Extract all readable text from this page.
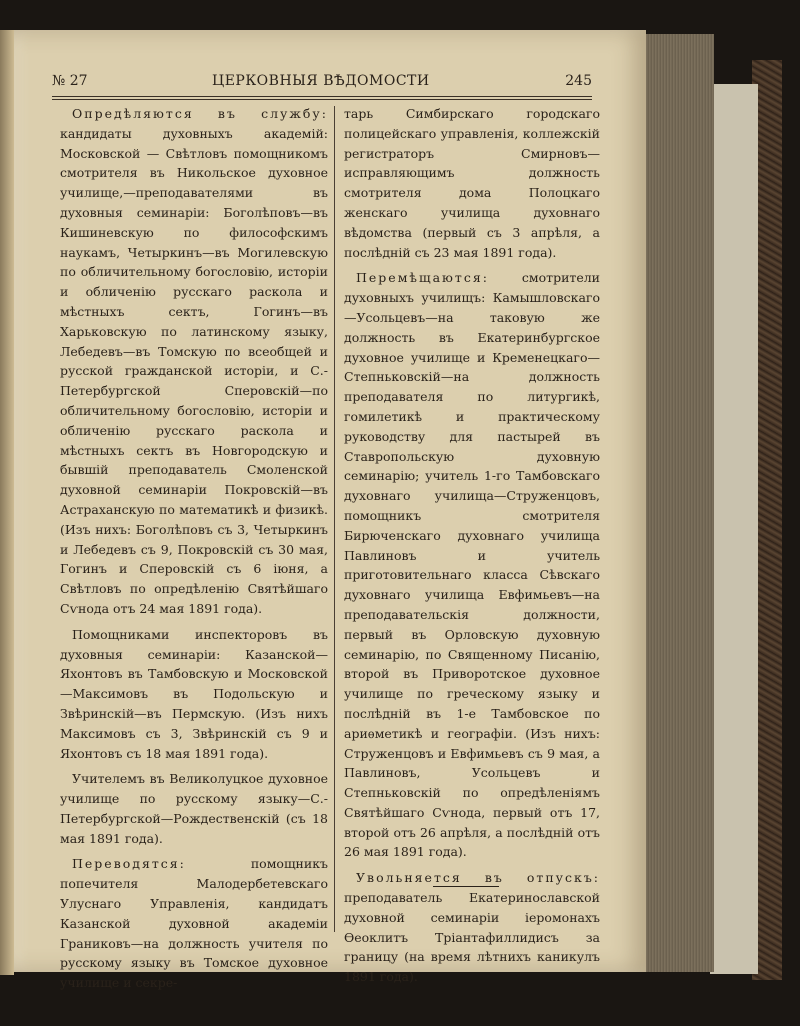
№ 27	ЦЕРКОВНЫЯ ВѢДОМОСТИ	245

Опредѣляются въ службу: кандидаты духовныхъ академій: Московской — Свѣтловъ помощникомъ смотрителя въ Никольское духовное училище,—преподавателями въ духовныя семинаріи: Боголѣповъ—въ Кишиневскую по философскимъ наукамъ, Четыркинъ—въ Могилевскую по обличительному богословію, исторіи и обличенію русскаго раскола и мѣстныхъ сектъ, Гогинъ—въ Харьковскую по латинскому языку, Лебедевъ—въ Томскую по всеобщей и русской гражданской исторіи, и С.-Петербургской Сперовскій—по обличительному богословію, исторіи и обличенію русскаго раскола и мѣстныхъ сектъ въ Новгородскую и бывшій преподаватель Смоленской духовной семинаріи Покровскій—въ Астраханскую по математикѣ и физикѣ. (Изъ нихъ: Боголѣповъ съ 3, Четыркинъ и Лебедевъ съ 9, Покровскій съ 30 мая, Гогинъ и Сперовскій съ 6 іюня, а Свѣтловъ по опредѣленію Святѣйшаго Сѵнода отъ 24 мая 1891 года).

Помощниками инспекторовъ въ духовныя семинаріи: Казанской—Яхонтовъ въ Тамбовскую и Московской—Максимовъ въ Подольскую и Звѣринскій—въ Пермскую. (Изъ нихъ Максимовъ съ 3, Звѣринскій съ 9 и Яхонтовъ съ 18 мая 1891 года).

Учителемъ въ Великолуцкое духовное училище по русскому языку—С.-Петербургской—Рождественскій (съ 18 мая 1891 года).

Переводятся: помощникъ попечителя Малодербетевскаго Улуснаго Управленія, кандидатъ Казанской духовной академіи Граниковъ—на должность учителя по русскому языку въ Томское духовное училище и секре-

тарь Симбирскаго городскаго полицейскаго управленія, коллежскій регистраторъ Смирновъ—исправляющимъ должность смотрителя дома Полоцкаго женскаго училища духовнаго вѣдомства (первый съ 3 апрѣля, а послѣдній съ 23 мая 1891 года).

Перемѣщаются: смотрители духовныхъ училищъ: Камышловскаго—Усольцевъ—на таковую же должность въ Екатеринбургское духовное училище и Кременецкаго—Степньковскій—на должность преподавателя по литургикѣ, гомилетикѣ и практическому руководству для пастырей въ Ставропольскую духовную семинарію; учитель 1-го Тамбовскаго духовнаго училища—Струженцовъ, помощникъ смотрителя Бирюченскаго духовнаго училища Павлиновъ и учитель приготовительнаго класса Сѣвскаго духовнаго училища Евфимьевъ—на преподавательскія должности, первый въ Орловскую духовную семинарію, по Священному Писанію, второй въ Приворотское духовное училище по греческому языку и послѣдній въ 1-е Тамбовское по ариѳметикѣ и географіи. (Изъ нихъ: Струженцовъ и Евфимьевъ съ 9 мая, а Павлиновъ, Усольцевъ и Степньковскій по опредѣленіямъ Святѣйшаго Сѵнода, первый отъ 17, второй отъ 26 апрѣля, а послѣдній отъ 26 мая 1891 года).

Увольняется въ отпускъ: преподаватель Екатеринославской духовной семинаріи іеромонахъ Ѳеоклитъ Тріантафиллидисъ за границу (на время лѣтнихъ каникулъ 1891 года).
